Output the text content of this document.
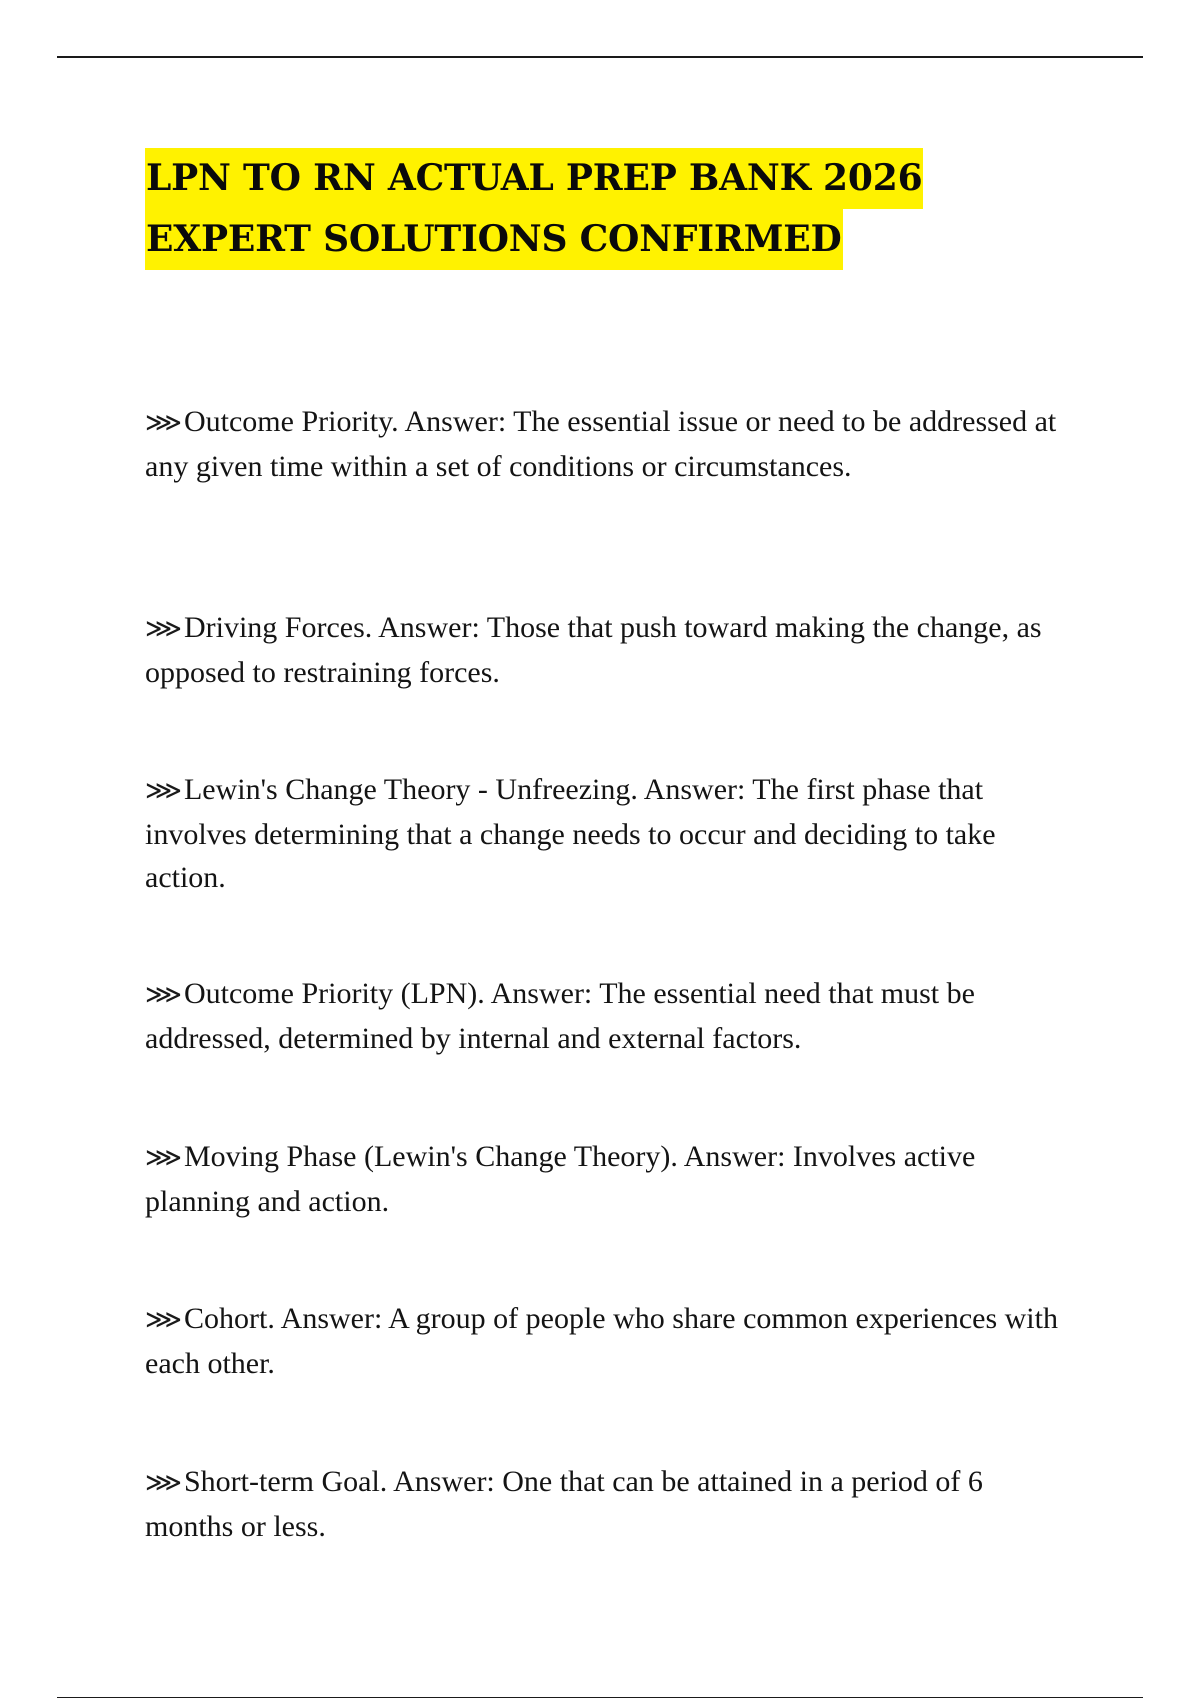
LPN TO RN ACTUAL PREP BANK 2026
EXPERT SOLUTIONS CONFIRMED

⋙ Outcome Priority. Answer: The essential issue or need to be addressed at any given time within a set of conditions or circumstances.

⋙ Driving Forces. Answer: Those that push toward making the change, as opposed to restraining forces.

⋙ Lewin's Change Theory - Unfreezing. Answer: The first phase that involves determining that a change needs to occur and deciding to take action.

⋙ Outcome Priority (LPN). Answer: The essential need that must be addressed, determined by internal and external factors.

⋙ Moving Phase (Lewin's Change Theory). Answer: Involves active planning and action.

⋙ Cohort. Answer: A group of people who share common experiences with each other.

⋙ Short-term Goal. Answer: One that can be attained in a period of 6 months or less.
